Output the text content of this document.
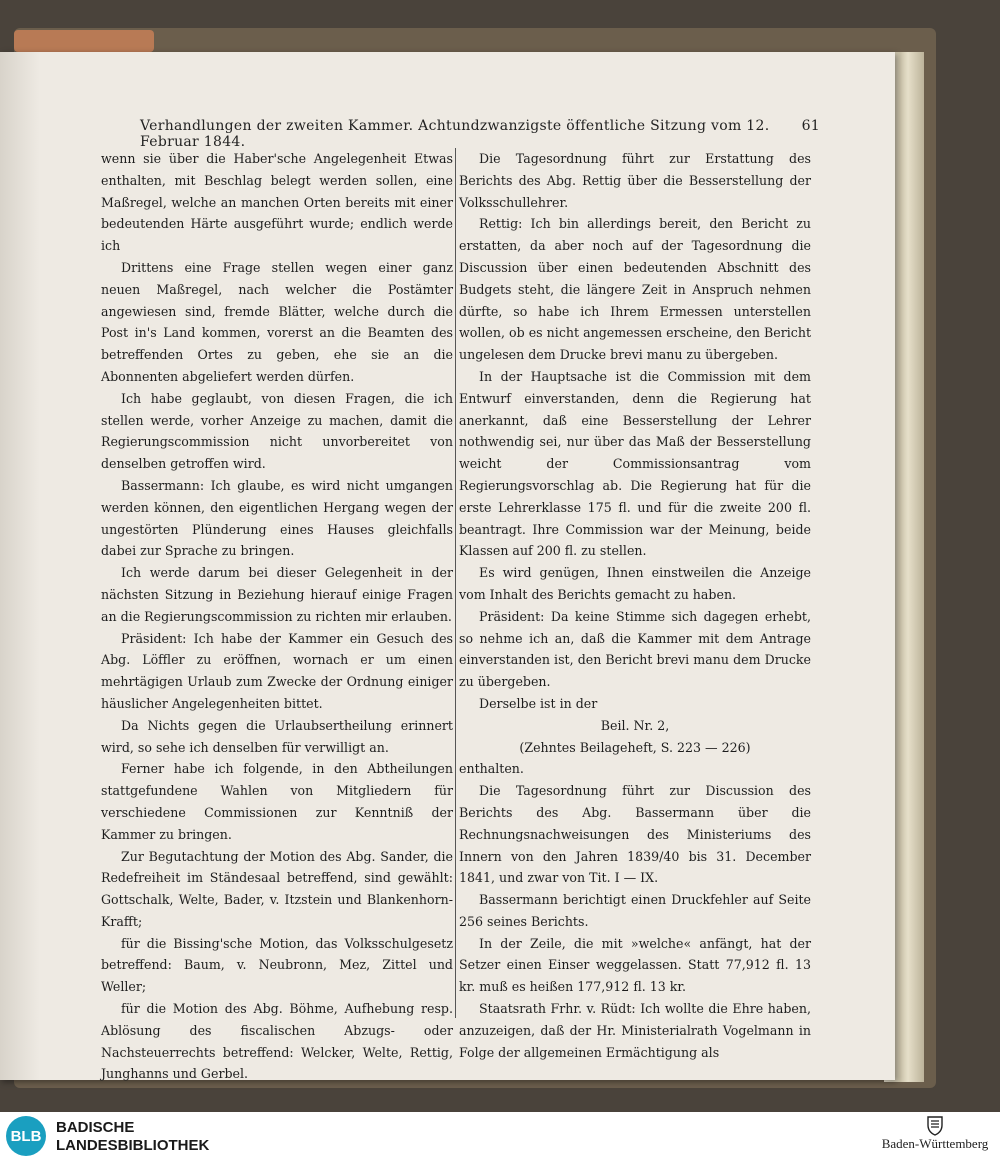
Verhandlungen der zweiten Kammer. Achtundzwanzigste öffentliche Sitzung vom 12. Februar 1844.
61

wenn sie über die Haber'sche Angelegenheit Etwas enthalten, mit Beschlag belegt werden sollen, eine Maßregel, welche an manchen Orten bereits mit einer bedeutenden Härte ausgeführt wurde; endlich werde ich

Drittens eine Frage stellen wegen einer ganz neuen Maßregel, nach welcher die Postämter angewiesen sind, fremde Blätter, welche durch die Post in's Land kommen, vorerst an die Beamten des betreffenden Ortes zu geben, ehe sie an die Abonnenten abgeliefert werden dürfen.

Ich habe geglaubt, von diesen Fragen, die ich stellen werde, vorher Anzeige zu machen, damit die Regierungscommission nicht unvorbereitet von denselben getroffen wird.

Bassermann: Ich glaube, es wird nicht umgangen werden können, den eigentlichen Hergang wegen der ungestörten Plünderung eines Hauses gleichfalls dabei zur Sprache zu bringen.

Ich werde darum bei dieser Gelegenheit in der nächsten Sitzung in Beziehung hierauf einige Fragen an die Regierungscommission zu richten mir erlauben.

Präsident: Ich habe der Kammer ein Gesuch des Abg. Löffler zu eröffnen, wornach er um einen mehrtägigen Urlaub zum Zwecke der Ordnung einiger häuslicher Angelegenheiten bittet.

Da Nichts gegen die Urlaubsertheilung erinnert wird, so sehe ich denselben für verwilligt an.

Ferner habe ich folgende, in den Abtheilungen stattgefundene Wahlen von Mitgliedern für verschiedene Commissionen zur Kenntniß der Kammer zu bringen.

Zur Begutachtung der Motion des Abg. Sander, die Redefreiheit im Ständesaal betreffend, sind gewählt: Gottschalk, Welte, Bader, v. Itzstein und Blankenhorn-Krafft;

für die Bissing'sche Motion, das Volksschulgesetz betreffend: Baum, v. Neubronn, Mez, Zittel und Weller;

für die Motion des Abg. Böhme, Aufhebung resp. Ablösung des fiscalischen Abzugs- oder Nachsteuerrechts betreffend: Welcker, Welte, Rettig, Junghanns und Gerbel.

Die Tagesordnung führt zur Erstattung des Berichts des Abg. Rettig über die Besserstellung der Volksschullehrer.

Rettig: Ich bin allerdings bereit, den Bericht zu erstatten, da aber noch auf der Tagesordnung die Discussion über einen bedeutenden Abschnitt des Budgets steht, die längere Zeit in Anspruch nehmen dürfte, so habe ich Ihrem Ermessen unterstellen wollen, ob es nicht angemessen erscheine, den Bericht ungelesen dem Drucke brevi manu zu übergeben.

In der Hauptsache ist die Commission mit dem Entwurf einverstanden, denn die Regierung hat anerkannt, daß eine Besserstellung der Lehrer nothwendig sei, nur über das Maß der Besserstellung weicht der Commissionsantrag vom Regierungsvorschlag ab. Die Regierung hat für die erste Lehrerklasse 175 fl. und für die zweite 200 fl. beantragt. Ihre Commission war der Meinung, beide Klassen auf 200 fl. zu stellen.

Es wird genügen, Ihnen einstweilen die Anzeige vom Inhalt des Berichts gemacht zu haben.

Präsident: Da keine Stimme sich dagegen erhebt, so nehme ich an, daß die Kammer mit dem Antrage einverstanden ist, den Bericht brevi manu dem Drucke zu übergeben.

Derselbe ist in der

Beil. Nr. 2,

(Zehntes Beilageheft, S. 223 — 226)

enthalten.

Die Tagesordnung führt zur Discussion des Berichts des Abg. Bassermann über die Rechnungsnachweisungen des Ministeriums des Innern von den Jahren 1839/40 bis 31. December 1841, und zwar von Tit. I — IX.

Bassermann berichtigt einen Druckfehler auf Seite 256 seines Berichts.

In der Zeile, die mit »welche« anfängt, hat der Setzer einen Einser weggelassen. Statt 77,912 fl. 13 kr. muß es heißen 177,912 fl. 13 kr.

Staatsrath Frhr. v. Rüdt: Ich wollte die Ehre haben, anzuzeigen, daß der Hr. Ministerialrath Vogelmann in Folge der allgemeinen Ermächtigung als

BLB BADISCHE
LANDESBIBLIOTHEK	Baden-Württemberg
